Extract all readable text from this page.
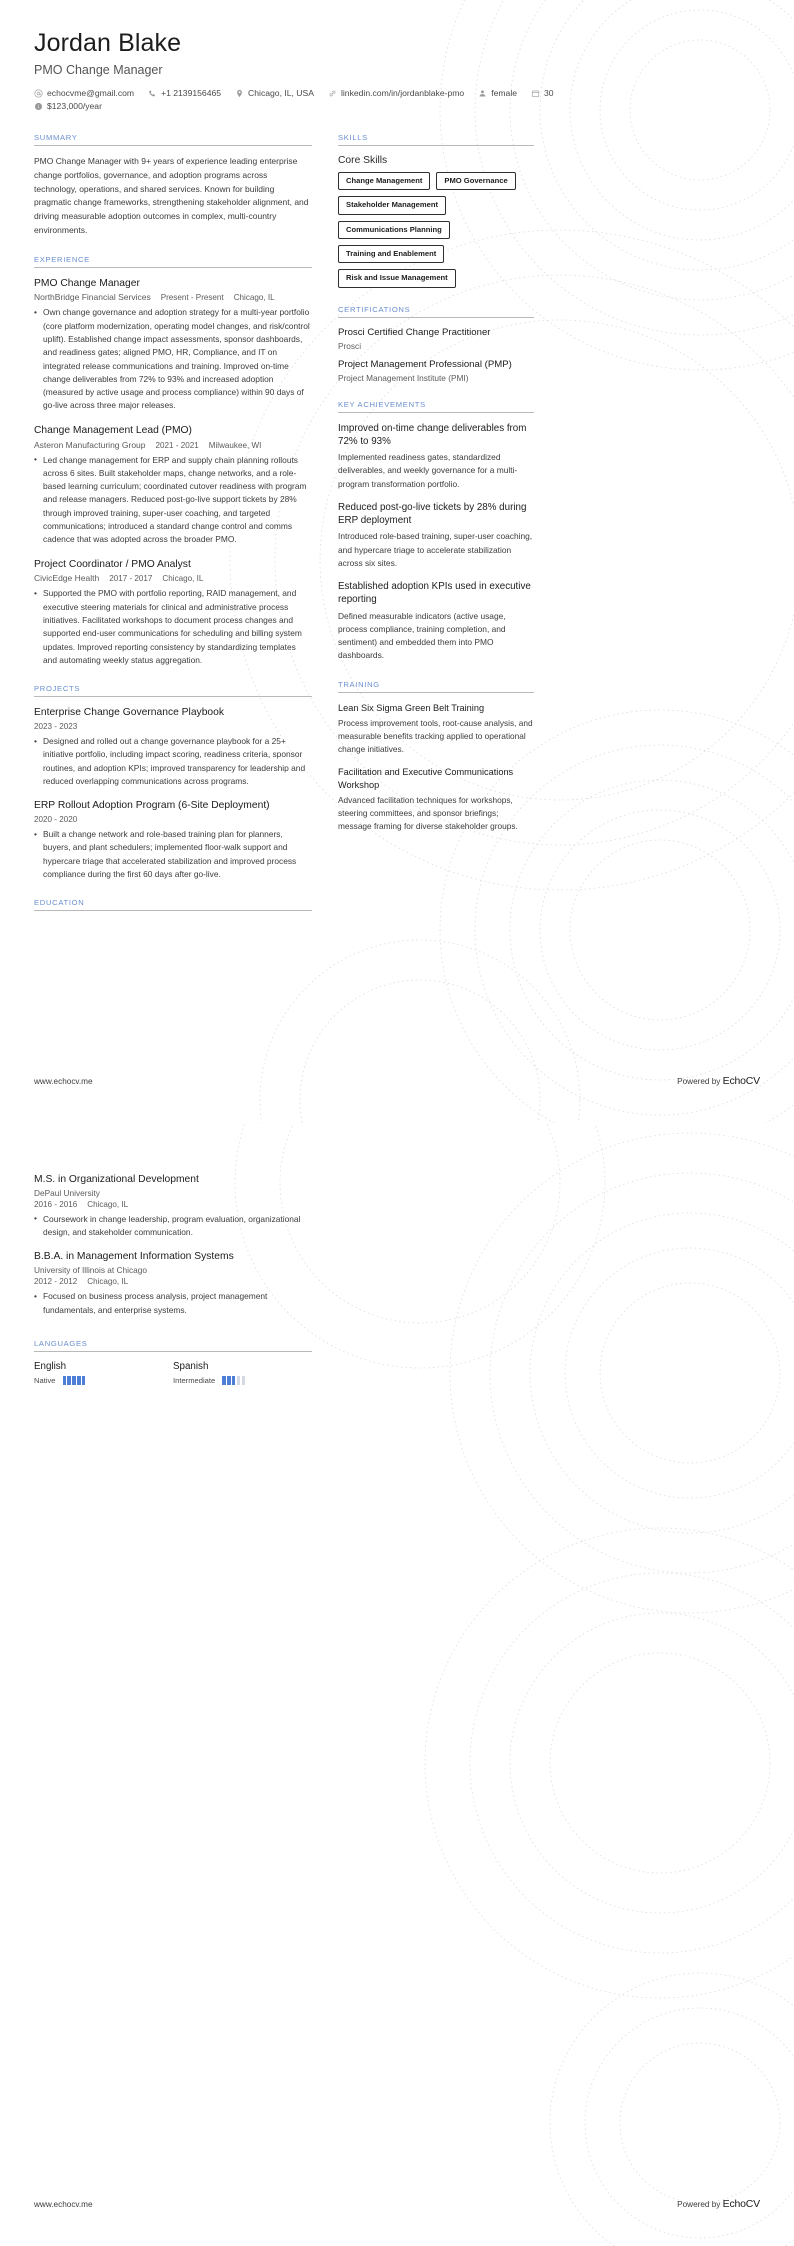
Jordan Blake
PMO Change Manager
echocvme@gmail.com	+1 2139156465	Chicago, IL, USA	linkedin.com/in/jordanblake-pmo	female	30
i $123,000/year
SUMMARY
PMO Change Manager with 9+ years of experience leading enterprise change portfolios, governance, and adoption programs across technology, operations, and shared services. Known for building pragmatic change frameworks, strengthening stakeholder alignment, and driving measurable adoption outcomes in complex, multi-country environments.
EXPERIENCE
PMO Change Manager
NorthBridge Financial Services Present - Present Chicago, IL
• Own change governance and adoption strategy for a multi-year portfolio (core platform modernization, operating model changes, and risk/control uplift). Established change impact assessments, sponsor dashboards, and readiness gates; aligned PMO, HR, Compliance, and IT on integrated release communications and training. Improved on-time change deliverables from 72% to 93% and increased adoption (measured by active usage and process compliance) within 90 days of go-live across three major releases.
Change Management Lead (PMO)
Asteron Manufacturing Group 2021 - 2021 Milwaukee, WI
• Led change management for ERP and supply chain planning rollouts across 6 sites. Built stakeholder maps, change networks, and a role-based learning curriculum; coordinated cutover readiness with program and release managers. Reduced post-go-live support tickets by 28% through improved training, super-user coaching, and targeted communications; introduced a standard change control and comms cadence that was adopted across the broader PMO.
Project Coordinator / PMO Analyst
CivicEdge Health 2017 - 2017 Chicago, IL
• Supported the PMO with portfolio reporting, RAID management, and executive steering materials for clinical and administrative process initiatives. Facilitated workshops to document process changes and supported end-user communications for scheduling and billing system updates. Improved reporting consistency by standardizing templates and automating weekly status aggregation.
PROJECTS
Enterprise Change Governance Playbook
2023 - 2023
• Designed and rolled out a change governance playbook for a 25+ initiative portfolio, including impact scoring, readiness criteria, sponsor routines, and adoption KPIs; improved transparency for leadership and reduced overlapping communications across programs.
ERP Rollout Adoption Program (6-Site Deployment)
2020 - 2020
• Built a change network and role-based training plan for planners, buyers, and plant schedulers; implemented floor-walk support and hypercare triage that accelerated stabilization and improved process compliance during the first 60 days after go-live.
EDUCATION
SKILLS
Core Skills
Change Management	PMO Governance
Stakeholder Management
Communications Planning
Training and Enablement
Risk and Issue Management
CERTIFICATIONS
Prosci Certified Change Practitioner
Prosci
Project Management Professional (PMP)
Project Management Institute (PMI)
KEY ACHIEVEMENTS
Improved on-time change deliverables from 72% to 93%
Implemented readiness gates, standardized deliverables, and weekly governance for a multi-program transformation portfolio.
Reduced post-go-live tickets by 28% during ERP deployment
Introduced role-based training, super-user coaching, and hypercare triage to accelerate stabilization across six sites.
Established adoption KPIs used in executive reporting
Defined measurable indicators (active usage, process compliance, training completion, and sentiment) and embedded them into PMO dashboards.
TRAINING
Lean Six Sigma Green Belt Training
Process improvement tools, root-cause analysis, and measurable benefits tracking applied to operational change initiatives.
Facilitation and Executive Communications Workshop
Advanced facilitation techniques for workshops, steering committees, and sponsor briefings; message framing for diverse stakeholder groups.
www.echocv.me	Powered by EchoCV
M.S. in Organizational Development
DePaul University
2016 - 2016 Chicago, IL
• Coursework in change leadership, program evaluation, organizational design, and stakeholder communication.
B.B.A. in Management Information Systems
University of Illinois at Chicago
2012 - 2012 Chicago, IL
• Focused on business process analysis, project management fundamentals, and enterprise systems.
LANGUAGES
English
Native
Spanish
Intermediate
www.echocv.me	Powered by EchoCV
